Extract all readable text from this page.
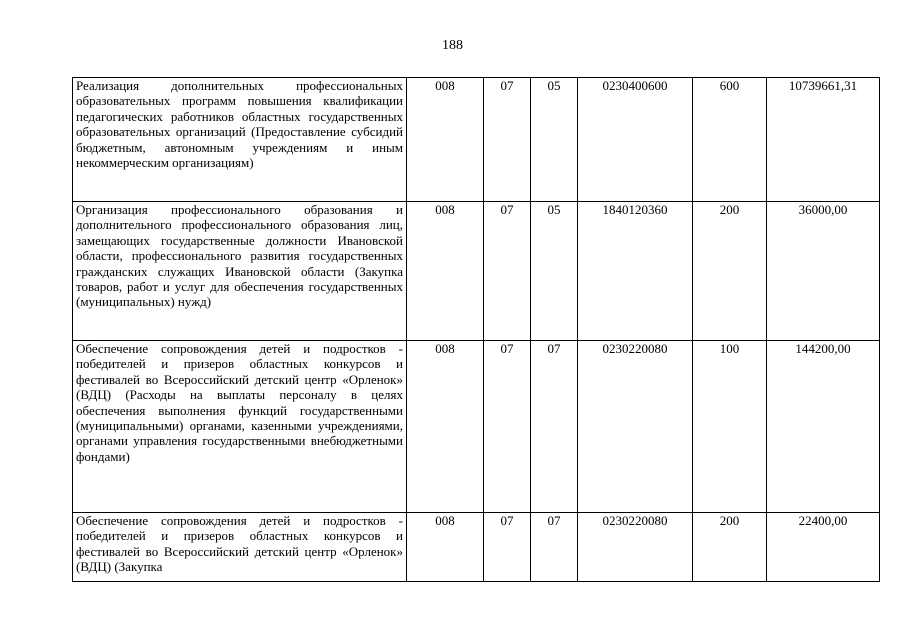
188
Реализация дополнительных профессиональных образовательных программ повышения квалификации педагогических работников областных государственных образовательных организаций (Предоставление субсидий бюджетным, автономным учреждениям и иным некоммерческим организациям)	008	07	05	0230400600	600	10739661,31
Организация профессионального образования и дополнительного профессионального образования лиц, замещающих государственные должности Ивановской области, профессионального развития государственных гражданских служащих Ивановской области (Закупка товаров, работ и услуг для обеспечения государственных (муниципальных) нужд)	008	07	05	1840120360	200	36000,00
Обеспечение сопровождения детей и подростков - победителей и призеров областных конкурсов и фестивалей во Всероссийский детский центр «Орленок» (ВДЦ) (Расходы на выплаты персоналу в целях обеспечения выполнения функций государственными (муниципальными) органами, казенными учреждениями, органами управления государственными внебюджетными фондами)	008	07	07	0230220080	100	144200,00
Обеспечение сопровождения детей и подростков - победителей и призеров областных конкурсов и фестивалей во Всероссийский детский центр «Орленок» (ВДЦ) (Закупка	008	07	07	0230220080	200	22400,00
